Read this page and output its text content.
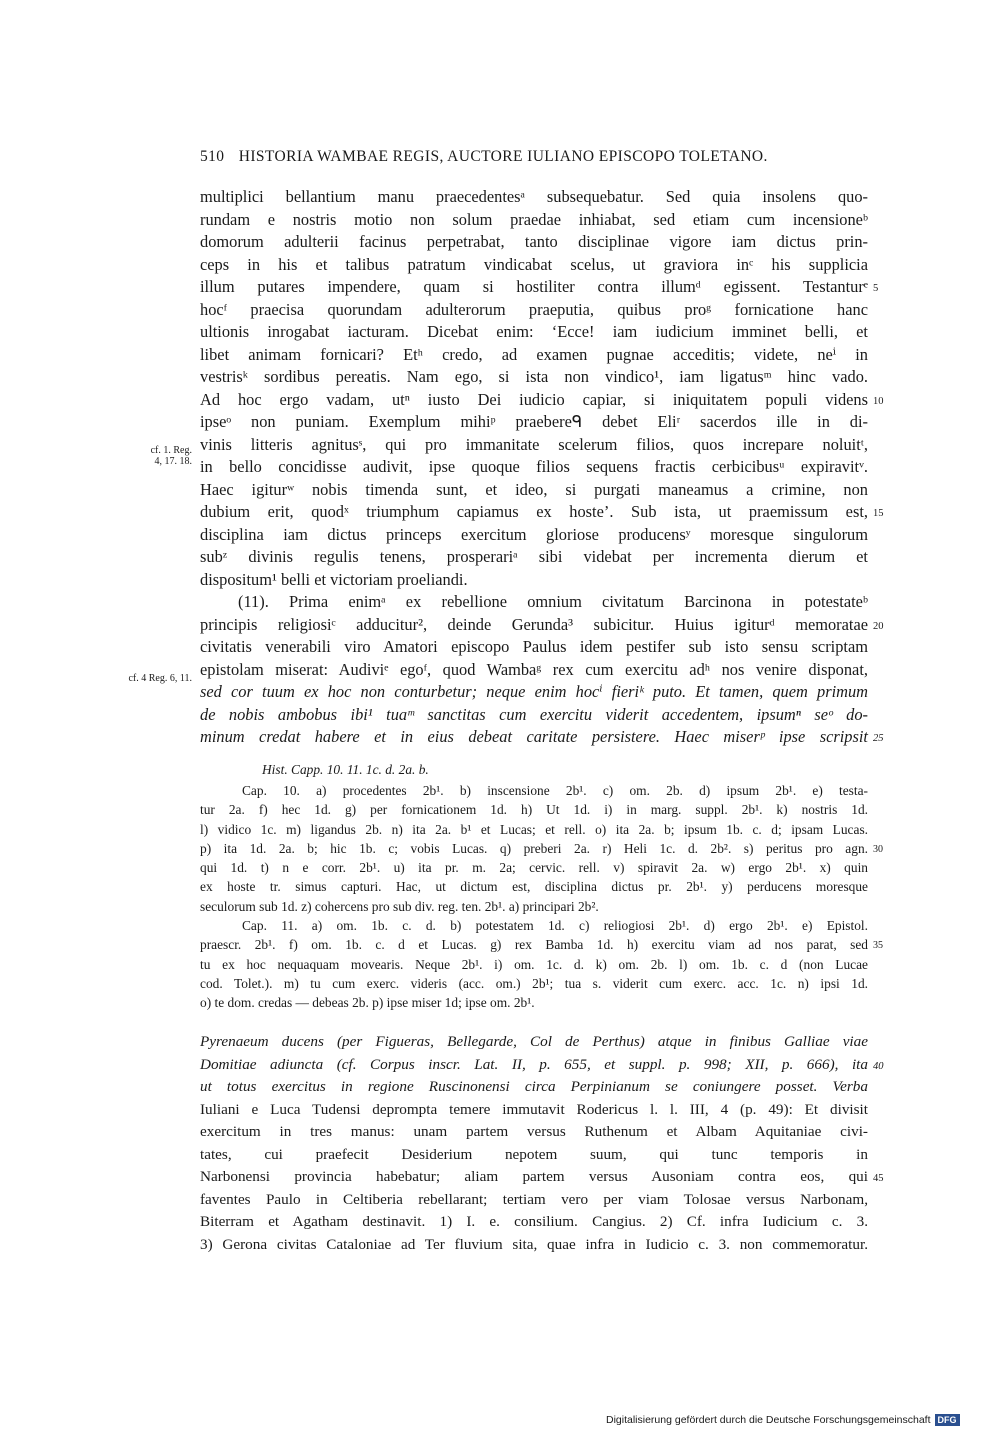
510 HISTORIA WAMBAE REGIS, AUCTORE IULIANO EPISCOPO TOLETANO.
multiplici bellantium manu praecedentesᵃ subsequebatur. Sed quia insolens quo-
rundam e nostris motio non solum praedae inhiabat, sed etiam cum incensioneᵇ
domorum adulterii facinus perpetrabat, tanto disciplinae vigore iam dictus prin-
ceps in his et talibus patratum vindicabat scelus, ut graviora inᶜ his supplicia
illum putares impendere, quam si hostiliter contra illumᵈ egissent. Testanturᵉ 5
hocᶠ praecisa quorundam adulterorum praeputia, quibus proᵍ fornicatione hanc
ultionis inrogabat iacturam. Dicebat enim: ‘Ecce! iam iudicium imminet belli, et
libet animam fornicari? Etʰ credo, ad examen pugnae acceditis; videte, neⁱ in
vestrisᵏ sordibus pereatis. Nam ego, si ista non vindico¹, iam ligatusᵐ hinc vado.
Ad hoc ergo vadam, utⁿ iusto Dei iudicio capiar, si iniquitatem populi videns 10
ipseᵒ non puniam. Exemplum mihiᵖ praebereᑫ debet Eliʳ sacerdos ille in di-
vinis litteris agnitusˢ, qui pro immanitate scelerum filios, quos increpare noluitᵗ,
in bello concidisse audivit, ipse quoque filios sequens fractis cerbicibusᵘ expiravitᵛ.
Haec igiturʷ nobis timenda sunt, et ideo, si purgati maneamus a crimine, non
dubium erit, quodˣ triumphum capiamus ex hoste’. Sub ista, ut praemissum est, 15
disciplina iam dictus princeps exercitum gloriose producensʸ moresque singulorum
subᶻ divinis regulis tenens, prosperariᵃ sibi videbat per incrementa dierum et
dispositum¹ belli et victoriam proeliandi.
(11). Prima enimᵃ ex rebellione omnium civitatum Barcinona in potestateᵇ
principis religiosiᶜ adducitur², deinde Gerunda³ subicitur. Huius igiturᵈ memoratae 20
civitatis venerabili viro Amatori episcopo Paulus idem pestifer sub isto sensu scriptam
epistolam miserat: Audiviᵉ egoᶠ, quod Wambaᵍ rex cum exercitu adʰ nos venire disponat,
sed cor tuum ex hoc non conturbetur; neque enim hocⁱ fieriᵏ puto. Et tamen, quem primum
de nobis ambobus ibi¹ tuaᵐ sanctitas cum exercitu viderit accedentem, ipsumⁿ seᵒ do-
minum credat habere et in eius debeat caritate persistere. Haec miserᵖ ipse scripsit 25
cf. 1. Reg.
4, 17. 18.
cf. 4 Reg. 6, 11.
Hist. Capp. 10. 11. 1c. d. 2a. b.
Cap. 10. a) procedentes 2b¹. b) inscensione 2b¹. c) om. 2b. d) ipsum 2b¹. e) testa-
tur 2a. f) hec 1d. g) per fornicationem 1d. h) Ut 1d. i) in marg. suppl. 2b¹. k) nostris 1d.
l) vidico 1c. m) ligandus 2b. n) ita 2a. b¹ et Lucas; et rell. o) ita 2a. b; ipsum 1b. c. d; ipsam Lucas.
p) ita 1d. 2a. b; hic 1b. c; vobis Lucas. q) preberi 2a. r) Heli 1c. d. 2b². s) peritus pro agn. 30
qui 1d. t) n e corr. 2b¹. u) ita pr. m. 2a; cervic. rell. v) spiravit 2a. w) ergo 2b¹. x) quin
ex hoste tr. simus capturi. Hac, ut dictum est, disciplina dictus pr. 2b¹. y) perducens moresque
seculorum sub 1d. z) cohercens pro sub div. reg. ten. 2b¹. a) principari 2b².
Cap. 11. a) om. 1b. c. d. b) potestatem 1d. c) reliogiosi 2b¹. d) ergo 2b¹. e) Epistol.
praescr. 2b¹. f) om. 1b. c. d et Lucas. g) rex Bamba 1d. h) exercitu viam ad nos parat, sed 35
tu ex hoc nequaquam movearis. Neque 2b¹. i) om. 1c. d. k) om. 2b. l) om. 1b. c. d (non Lucae
cod. Tolet.). m) tu cum exerc. videris (acc. om.) 2b¹; tua s. viderit cum exerc. acc. 1c. n) ipsi 1d.
o) te dom. credas — debeas 2b. p) ipse miser 1d; ipse om. 2b¹.
Pyrenaeum ducens (per Figueras, Bellegarde, Col de Perthus) atque in finibus Galliae viae
Domitiae adiuncta (cf. Corpus inscr. Lat. II, p. 655, et suppl. p. 998; XII, p. 666), ita 40
ut totus exercitus in regione Ruscinonensi circa Perpinianum se coniungere posset. Verba
Iuliani e Luca Tudensi deprompta temere immutavit Rodericus l. l. III, 4 (p. 49): Et divisit
exercitum in tres manus: unam partem versus Ruthenum et Albam Aquitaniae civi-
tates, cui praefecit Desiderium nepotem suum, qui tunc temporis in
Narbonensi provincia habebatur; aliam partem versus Ausoniam contra eos, qui 45
faventes Paulo in Celtiberia rebellarant; tertiam vero per viam Tolosae versus Narbonam,
Biterram et Agatham destinavit. 1) I. e. consilium. Cangius. 2) Cf. infra Iudicium c. 3.
3) Gerona civitas Cataloniae ad Ter fluvium sita, quae infra in Iudicio c. 3. non commemoratur.
Digitalisierung gefördert durch die Deutsche Forschungsgemeinschaft DFG
